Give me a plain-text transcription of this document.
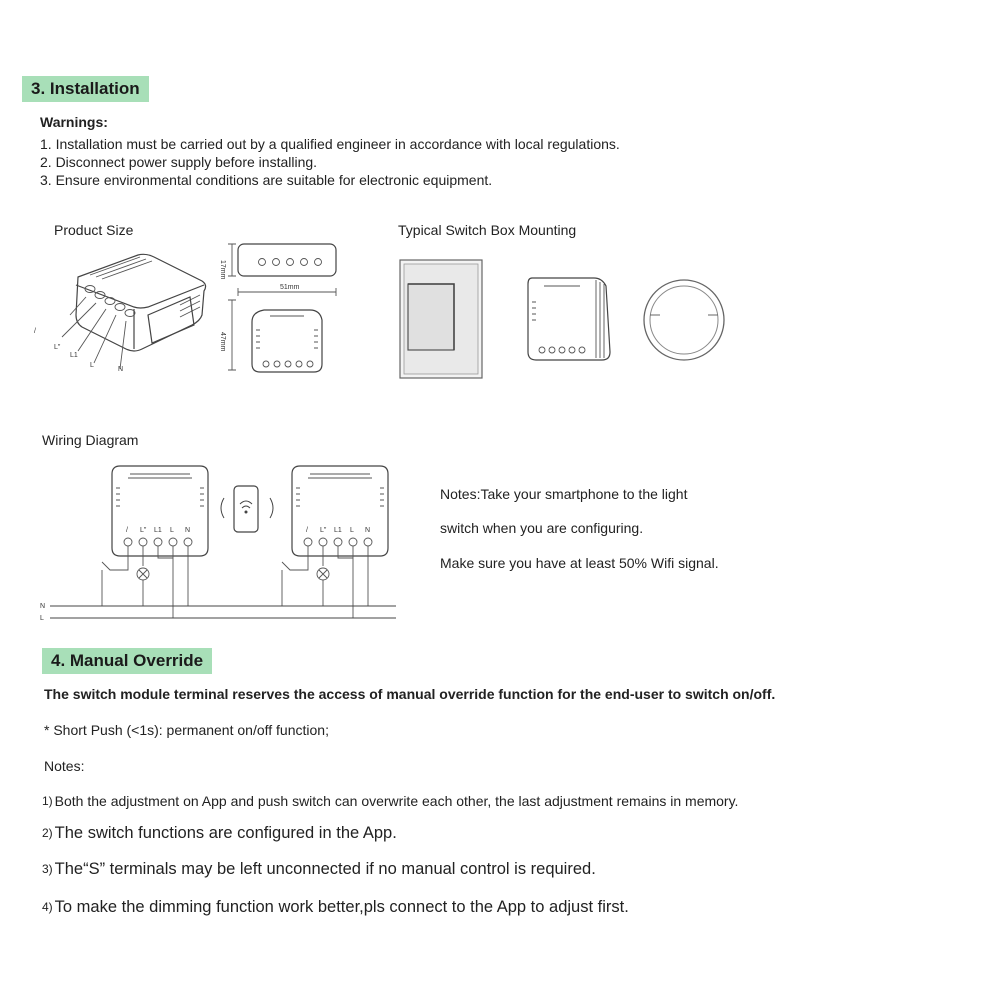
3. Installation
Warnings:
1. Installation must be carried out by a qualified engineer in accordance with local regulations.
2. Disconnect power supply before installing.
3. Ensure environmental conditions are suitable for electronic equipment.
Product Size	Typical Switch Box Mounting
/
L"
L1
L
N
17mm
51mm
47mm
Wiring Diagram
/ L" L1 L N	/ L" L1 L N
N
L
Notes:Take your smartphone to the light
switch when you are configuring.
Make sure you have at least 50% Wifi signal.
4. Manual Override
The switch module terminal reserves the access of manual override function for the end-user to switch on/off.
* Short Push (<1s): permanent on/off function;
Notes:
1) Both the adjustment on App and push switch can overwrite each other, the last adjustment remains in memory.
2) The switch functions are configured in the App.
3) The“S” terminals may be left unconnected if no manual control is required.
4) To make the dimming function work better,pls connect to the App to adjust first.
